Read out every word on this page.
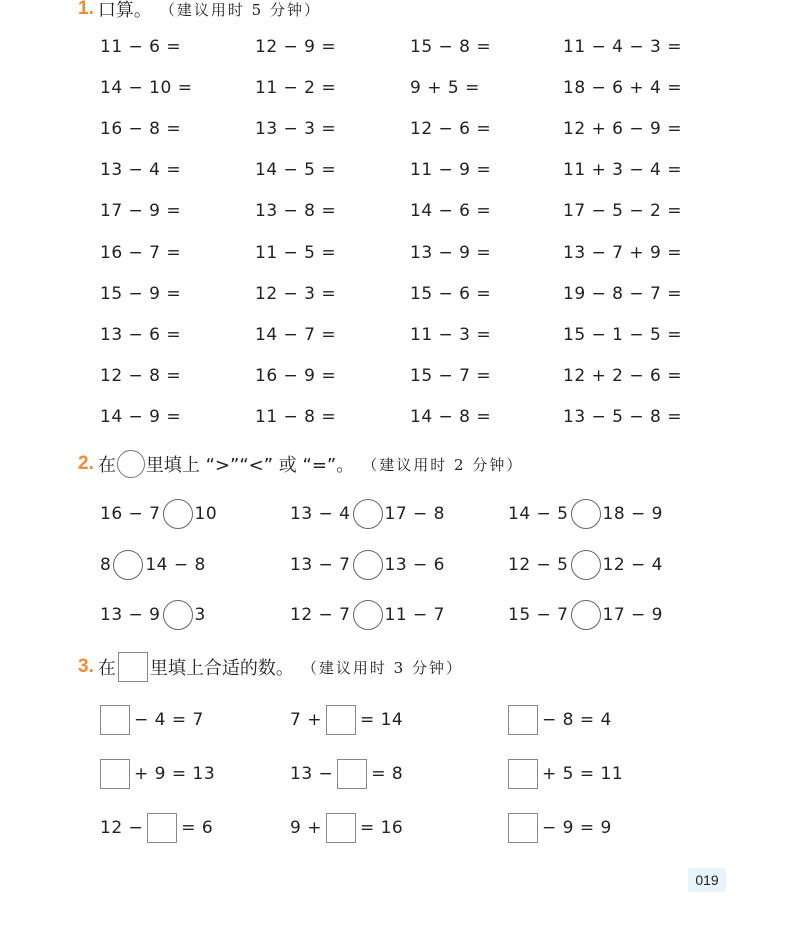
1. 口算。 （建议用时 5 分钟）
2. 在 里填上 “>”“<” 或 “=”。 （建议用时 2 分钟）
3. 在 里填上合适的数。 （建议用时 3 分钟）
11 − 6 =	12 − 9 =	15 − 8 =	11 − 4 − 3 =
14 − 10 =	11 − 2 =	9 + 5 =	18 − 6 + 4 =
16 − 8 =	13 − 3 =	12 − 6 =	12 + 6 − 9 =
13 − 4 =	14 − 5 =	11 − 9 =	11 + 3 − 4 =
17 − 9 =	13 − 8 =	14 − 6 =	17 − 5 − 2 =
16 − 7 =	11 − 5 =	13 − 9 =	13 − 7 + 9 =
15 − 9 =	12 − 3 =	15 − 6 =	19 − 8 − 7 =
13 − 6 =	14 − 7 =	11 − 3 =	15 − 1 − 5 =
12 − 8 =	16 − 9 =	15 − 7 =	12 + 2 − 6 =
14 − 9 =	11 − 8 =	14 − 8 =	13 − 5 − 8 =
16 − 7 10	13 − 4 17 − 8	14 − 5 18 − 9
8 14 − 8	13 − 7 13 − 6	12 − 5 12 − 4
13 − 9 3	12 − 7 11 − 7	15 − 7 17 − 9
− 4 = 7	7 + = 14	− 8 = 4
+ 9 = 13	13 − = 8	+ 5 = 11
12 − = 6	9 + = 16	− 9 = 9
019
